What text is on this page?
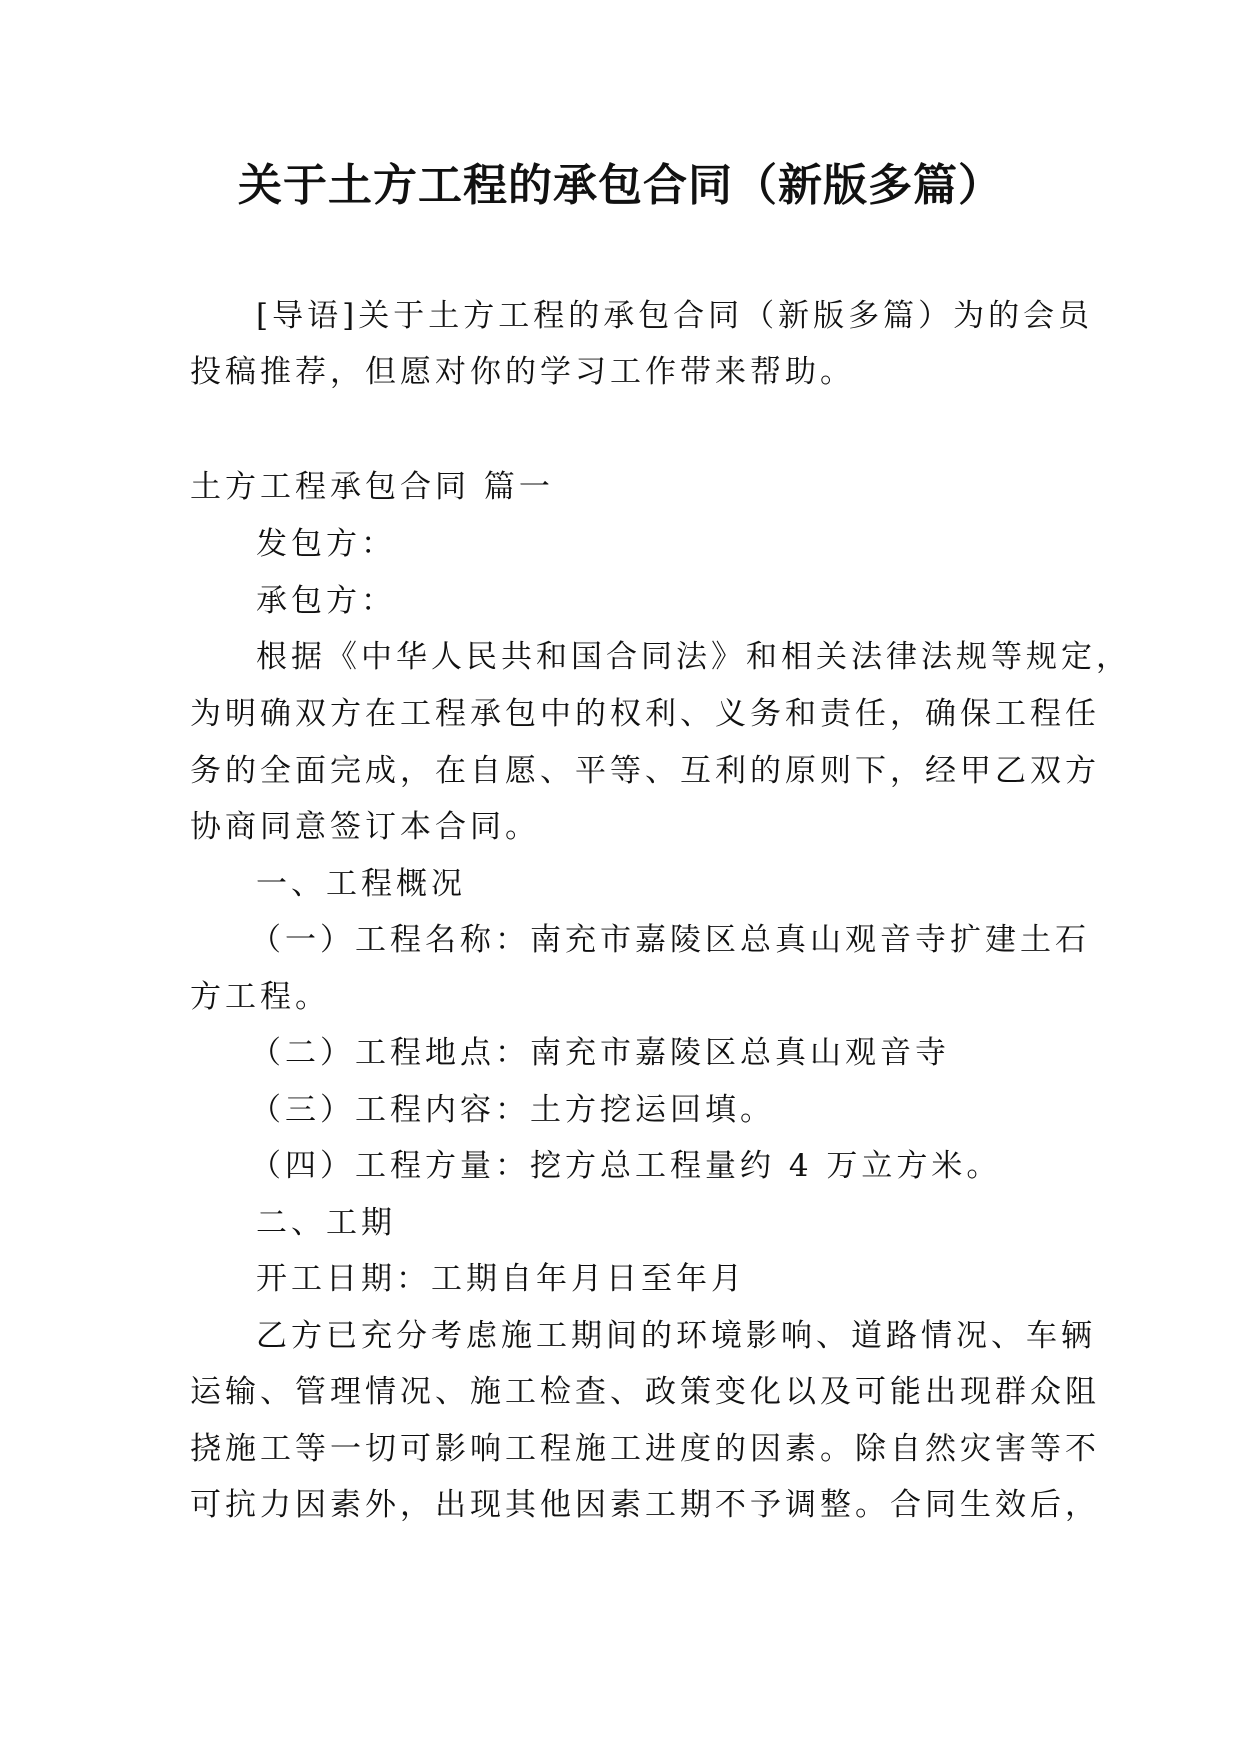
关于土方工程的承包合同（新版多篇）
[导语]关于土方工程的承包合同（新版多篇）为的会员
投稿推荐，但愿对你的学习工作带来帮助。
土方工程承包合同 篇一
发包方：
承包方：
根据《中华人民共和国合同法》和相关法律法规等规定，
为明确双方在工程承包中的权利、义务和责任，确保工程任
务的全面完成，在自愿、平等、互利的原则下，经甲乙双方
协商同意签订本合同。
一、工程概况
（一）工程名称：南充市嘉陵区总真山观音寺扩建土石
方工程。
（二）工程地点：南充市嘉陵区总真山观音寺
（三）工程内容：土方挖运回填。
（四）工程方量：挖方总工程量约 4 万立方米。
二、工期
开工日期：工期自年月日至年月
乙方已充分考虑施工期间的环境影响、道路情况、车辆
运输、管理情况、施工检查、政策变化以及可能出现群众阻
挠施工等一切可影响工程施工进度的因素。除自然灾害等不
可抗力因素外，出现其他因素工期不予调整。合同生效后，
